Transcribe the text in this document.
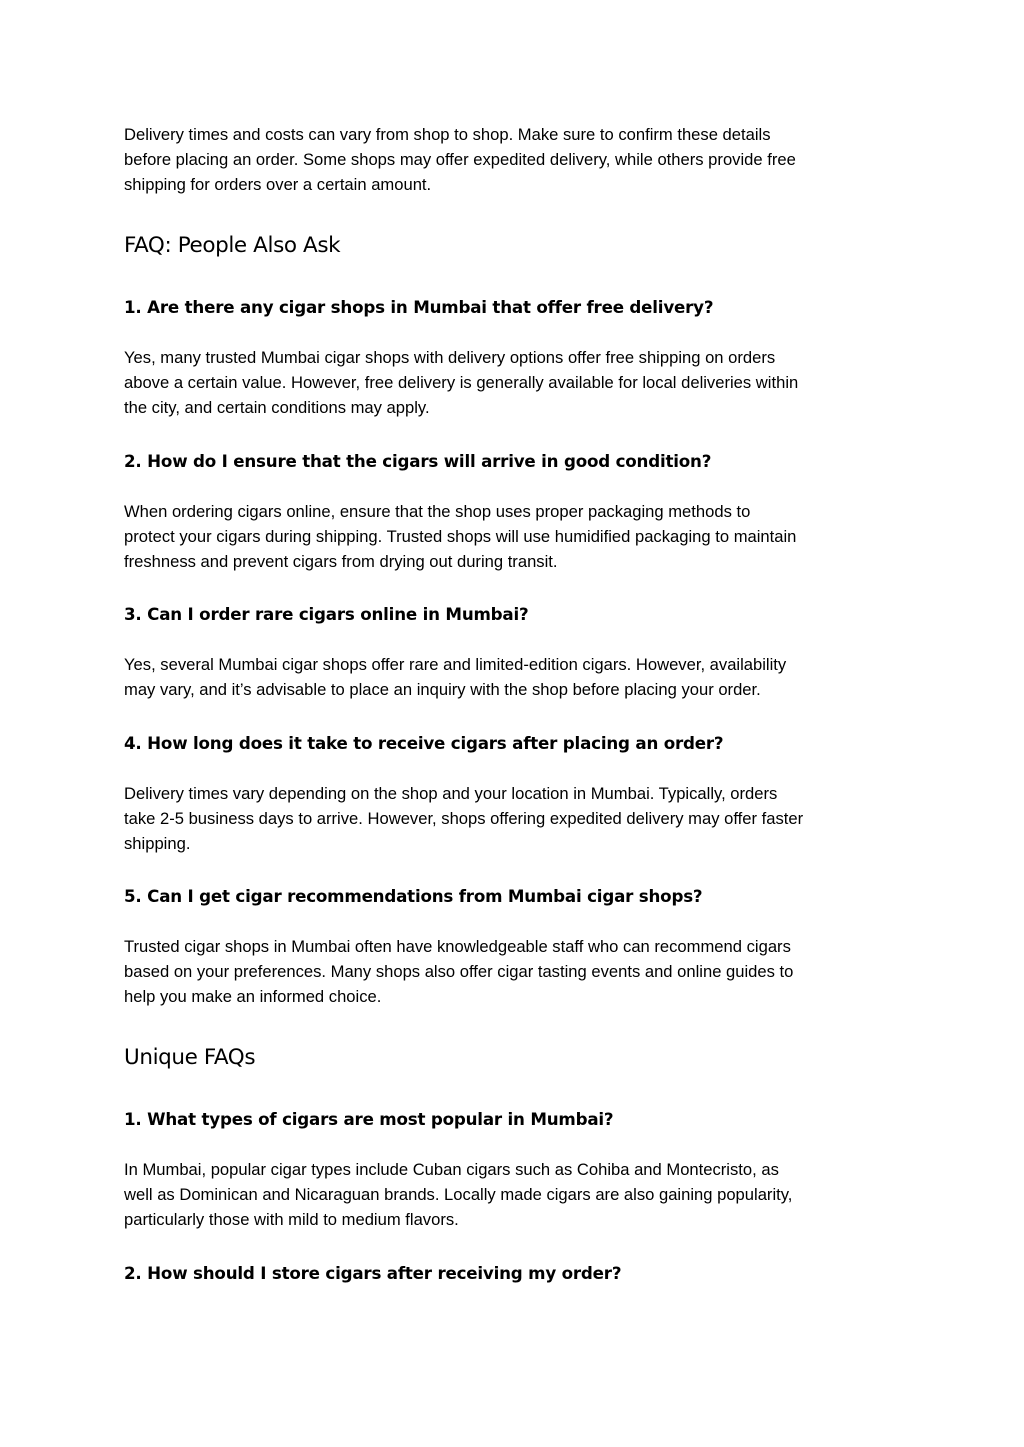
Delivery times and costs can vary from shop to shop. Make sure to confirm these details
before placing an order. Some shops may offer expedited delivery, while others provide free
shipping for orders over a certain amount.

FAQ: People Also Ask
1. Are there any cigar shops in Mumbai that offer free delivery?

Yes, many trusted Mumbai cigar shops with delivery options offer free shipping on orders
above a certain value. However, free delivery is generally available for local deliveries within
the city, and certain conditions may apply.

2. How do I ensure that the cigars will arrive in good condition?

When ordering cigars online, ensure that the shop uses proper packaging methods to
protect your cigars during shipping. Trusted shops will use humidified packaging to maintain
freshness and prevent cigars from drying out during transit.

3. Can I order rare cigars online in Mumbai?

Yes, several Mumbai cigar shops offer rare and limited-edition cigars. However, availability
may vary, and it’s advisable to place an inquiry with the shop before placing your order.

4. How long does it take to receive cigars after placing an order?

Delivery times vary depending on the shop and your location in Mumbai. Typically, orders
take 2-5 business days to arrive. However, shops offering expedited delivery may offer faster
shipping.

5. Can I get cigar recommendations from Mumbai cigar shops?

Trusted cigar shops in Mumbai often have knowledgeable staff who can recommend cigars
based on your preferences. Many shops also offer cigar tasting events and online guides to
help you make an informed choice.

Unique FAQs
1. What types of cigars are most popular in Mumbai?

In Mumbai, popular cigar types include Cuban cigars such as Cohiba and Montecristo, as
well as Dominican and Nicaraguan brands. Locally made cigars are also gaining popularity,
particularly those with mild to medium flavors.

2. How should I store cigars after receiving my order?
